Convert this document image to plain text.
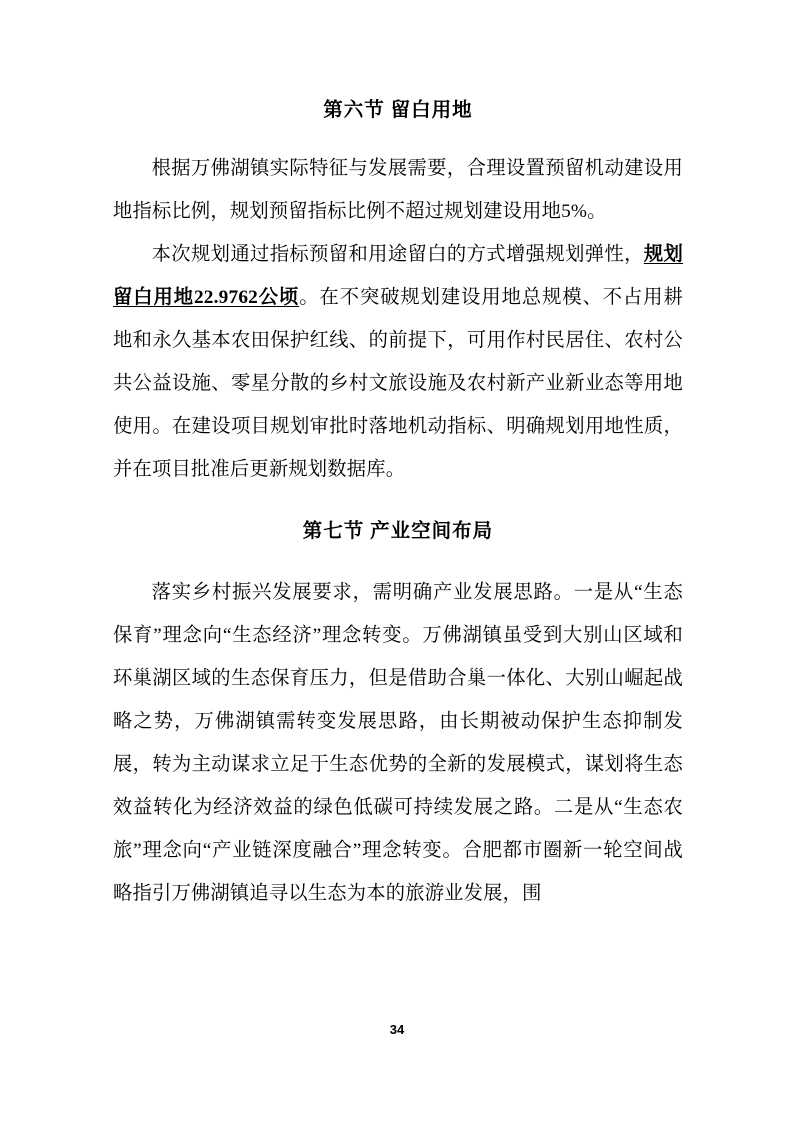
第六节 留白用地

根据万佛湖镇实际特征与发展需要，合理设置预留机动建设用地指标比例，规划预留指标比例不超过规划建设用地5%。

本次规划通过指标预留和用途留白的方式增强规划弹性，规划留白用地22.9762公顷。在不突破规划建设用地总规模、不占用耕地和永久基本农田保护红线、的前提下，可用作村民居住、农村公共公益设施、零星分散的乡村文旅设施及农村新产业新业态等用地使用。在建设项目规划审批时落地机动指标、明确规划用地性质，并在项目批准后更新规划数据库。

第七节 产业空间布局

落实乡村振兴发展要求，需明确产业发展思路。一是从“生态保育”理念向“生态经济”理念转变。万佛湖镇虽受到大别山区域和环巢湖区域的生态保育压力，但是借助合巢一体化、大别山崛起战略之势，万佛湖镇需转变发展思路，由长期被动保护生态抑制发展，转为主动谋求立足于生态优势的全新的发展模式，谋划将生态效益转化为经济效益的绿色低碳可持续发展之路。二是从“生态农旅”理念向“产业链深度融合”理念转变。合肥都市圈新一轮空间战略指引万佛湖镇追寻以生态为本的旅游业发展，围

34
